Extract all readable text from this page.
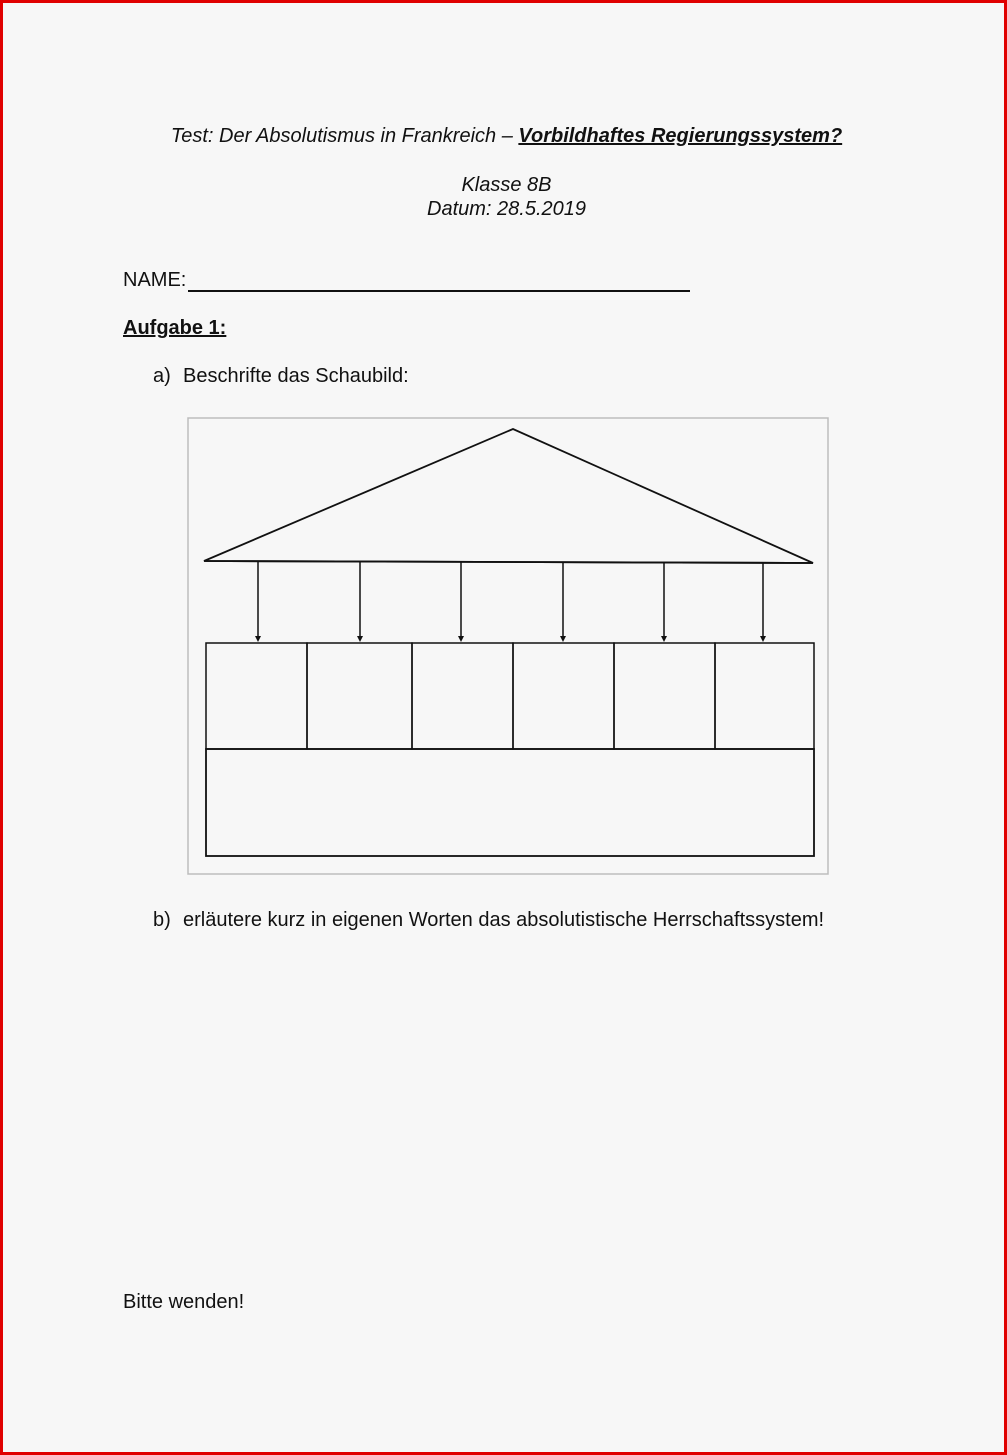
Test: Der Absolutismus in Frankreich – Vorbildhaftes Regierungssystem?
Klasse 8B
Datum: 28.5.2019
NAME:
Aufgabe 1:
a) Beschrifte das Schaubild:
b) erläutere kurz in eigenen Worten das absolutistische Herrschaftssystem!
Bitte wenden!
